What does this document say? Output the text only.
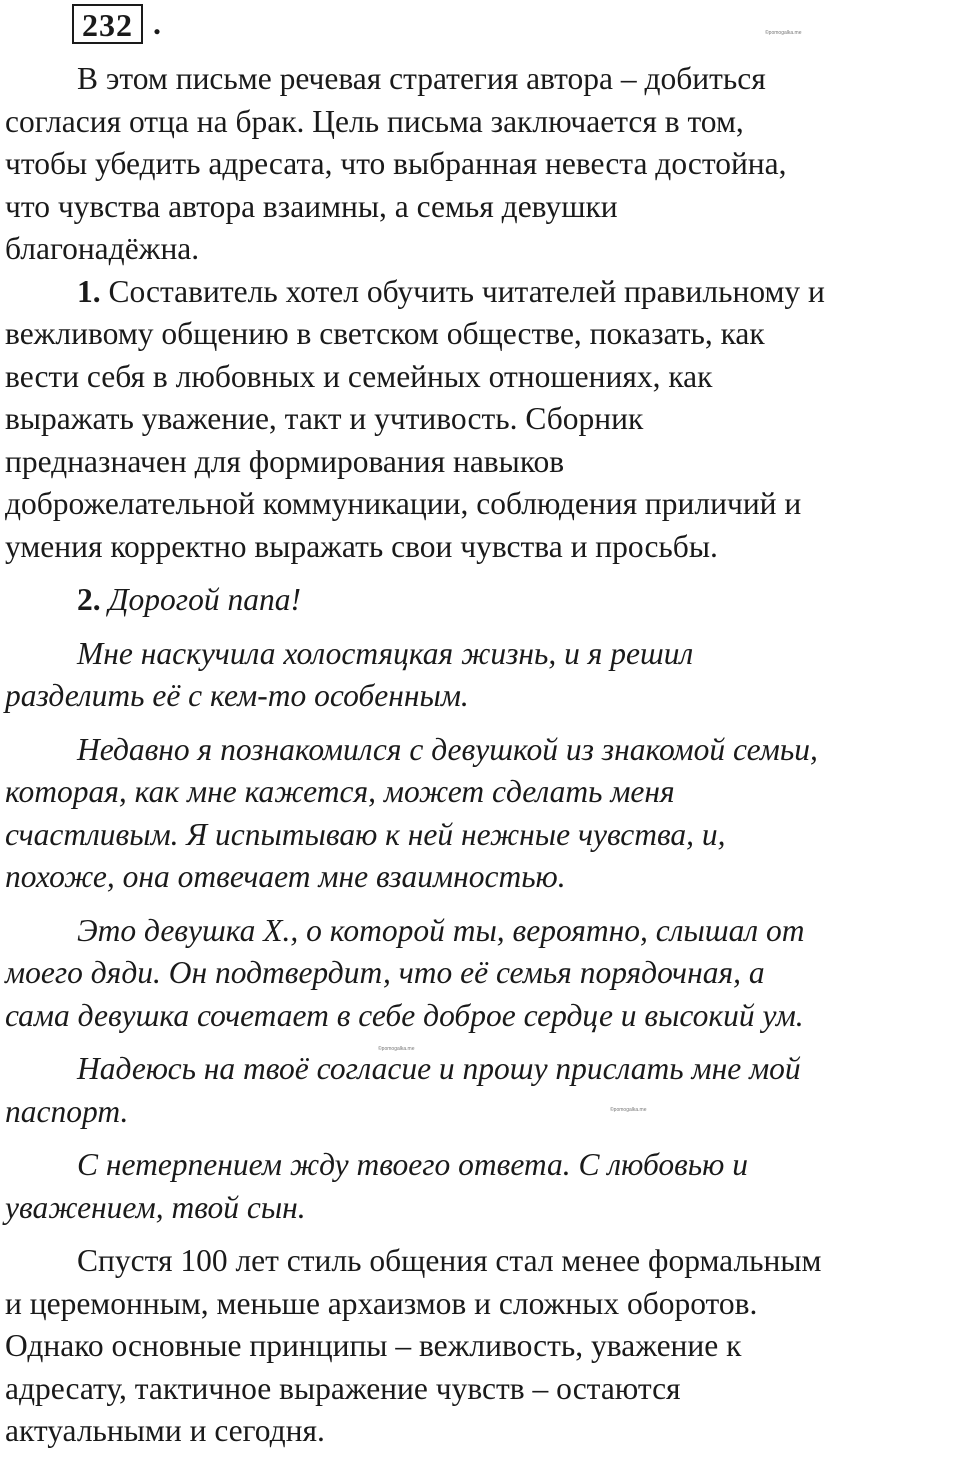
232 .	©pomogalka.me
©pomogalka.me
©pomogalka.me

В этом письме речевая стратегия автора – добиться
согласия отца на брак. Цель письма заключается в том,
чтобы убедить адресата, что выбранная невеста достойна,
что чувства автора взаимны, а семья девушки
благонадёжна.

1. Составитель хотел обучить читателей правильному и
вежливому общению в светском обществе, показать, как
вести себя в любовных и семейных отношениях, как
выражать уважение, такт и учтивость. Сборник
предназначен для формирования навыков
доброжелательной коммуникации, соблюдения приличий и
умения корректно выражать свои чувства и просьбы.

2. Дорогой папа!

Мне наскучила холостяцкая жизнь, и я решил
разделить её с кем-то особенным.

Недавно я познакомился с девушкой из знакомой семьи,
которая, как мне кажется, может сделать меня
счастливым. Я испытываю к ней нежные чувства, и,
похоже, она отвечает мне взаимностью.

Это девушка Х., о которой ты, вероятно, слышал от
моего дяди. Он подтвердит, что её семья порядочная, а
сама девушка сочетает в себе доброе сердце и высокий ум.

Надеюсь на твоё согласие и прошу прислать мне мой
паспорт.

С нетерпением жду твоего ответа. С любовью и
уважением, твой сын.

Спустя 100 лет стиль общения стал менее формальным
и церемонным, меньше архаизмов и сложных оборотов.
Однако основные принципы – вежливость, уважение к
адресату, тактичное выражение чувств – остаются
актуальными и сегодня.
